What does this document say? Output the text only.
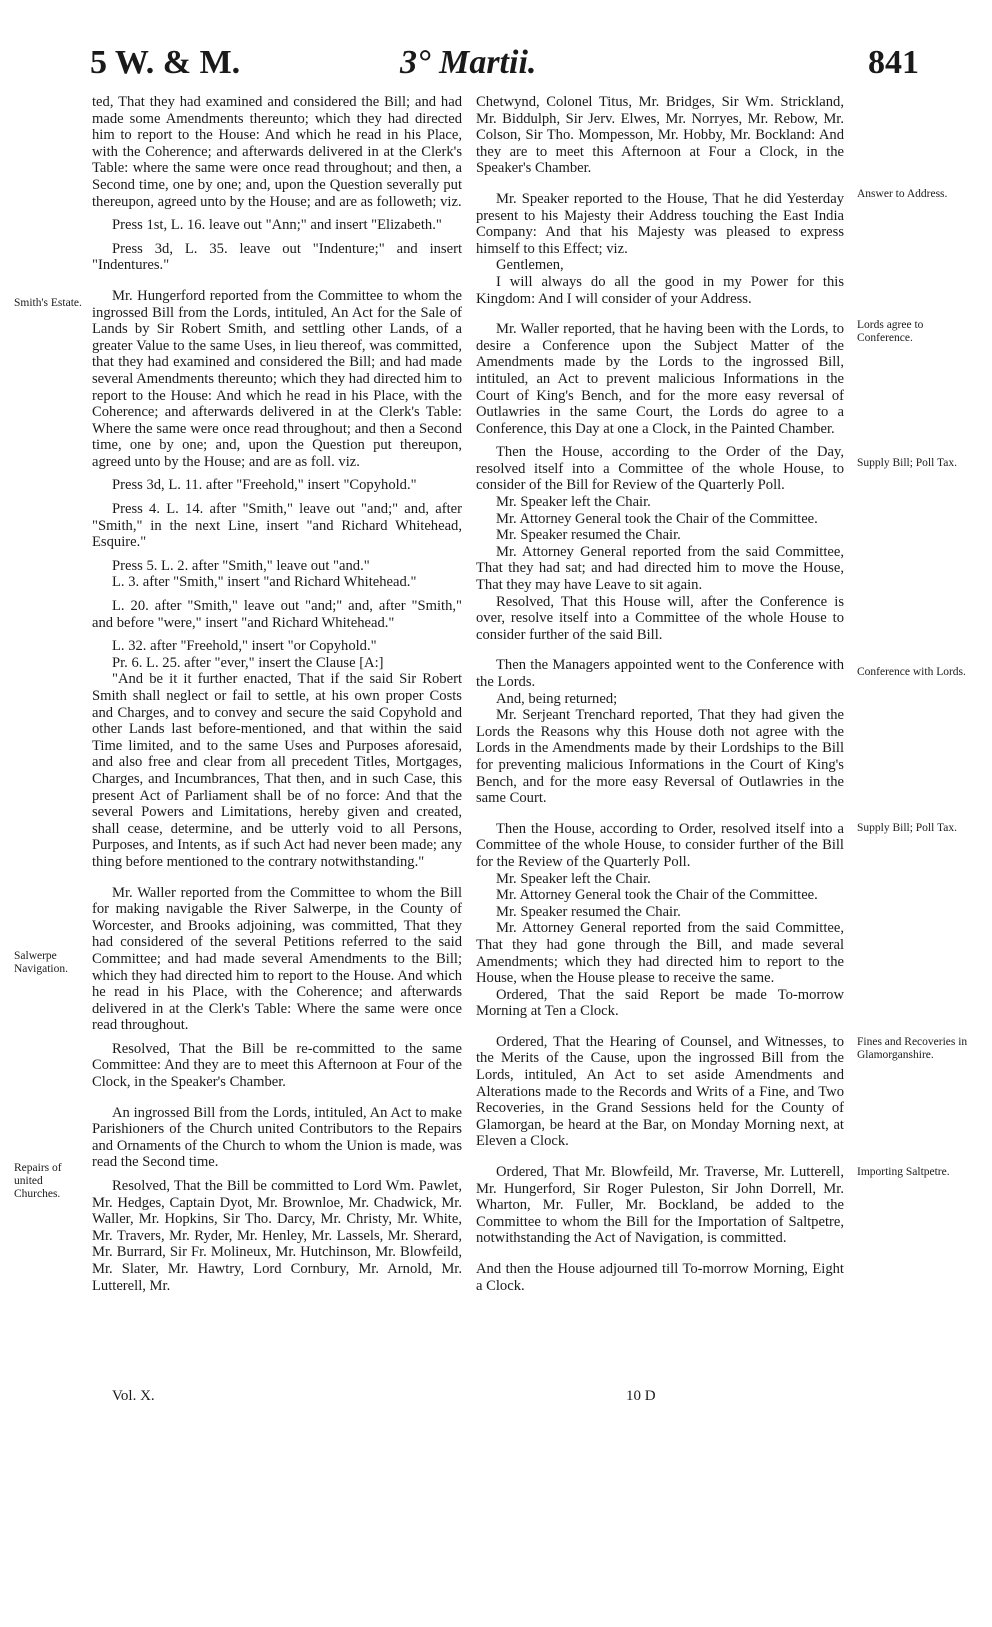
5 W. & M.	3° Martii.	841

ted, That they had examined and considered the Bill; and had made some Amendments thereunto; which they had directed him to report to the House: And which he read in his Place, with the Coherence; and afterwards delivered in at the Clerk's Table: where the same were once read throughout; and then, a Second time, one by one; and, upon the Question severally put thereupon, agreed unto by the House; and are as followeth; viz.

Press 1st, L. 16. leave out "Ann;" and insert "Elizabeth."

Press 3d, L. 35. leave out "Indenture;" and insert "Indentures."

Mr. Hungerford reported from the Committee to whom the ingrossed Bill from the Lords, intituled, An Act for the Sale of Lands by Sir Robert Smith, and settling other Lands, of a greater Value to the same Uses, in lieu thereof, was committed, that they had examined and considered the Bill; and had made several Amendments thereunto; which they had directed him to report to the House: And which he read in his Place, with the Coherence; and afterwards delivered in at the Clerk's Table: Where the same were once read throughout; and then a Second time, one by one; and, upon the Question put thereupon, agreed unto by the House; and are as foll. viz.

Press 3d, L. 11. after "Freehold," insert "Copyhold."

Press 4. L. 14. after "Smith," leave out "and;" and, after "Smith," in the next Line, insert "and Richard Whitehead, Esquire."

Press 5. L. 2. after "Smith," leave out "and."

L. 3. after "Smith," insert "and Richard Whitehead."

L. 20. after "Smith," leave out "and;" and, after "Smith," and before "were," insert "and Richard Whitehead."

L. 32. after "Freehold," insert "or Copyhold."

Pr. 6. L. 25. after "ever," insert the Clause [A:]

"And be it it further enacted, That if the said Sir Robert Smith shall neglect or fail to settle, at his own proper Costs and Charges, and to convey and secure the said Copyhold and other Lands last before-mentioned, and that within the said Time limited, and to the same Uses and Purposes aforesaid, and also free and clear from all precedent Titles, Mortgages, Charges, and Incumbrances, That then, and in such Case, this present Act of Parliament shall be of no force: And that the several Powers and Limitations, hereby given and created, shall cease, determine, and be utterly void to all Persons, Purposes, and Intents, as if such Act had never been made; any thing before mentioned to the contrary notwithstanding."

Mr. Waller reported from the Committee to whom the Bill for making navigable the River Salwerpe, in the County of Worcester, and Brooks adjoining, was committed, That they had considered of the several Petitions referred to the said Committee; and had made several Amendments to the Bill; which they had directed him to report to the House. And which he read in his Place, with the Coherence; and afterwards delivered in at the Clerk's Table: Where the same were once read throughout.

Resolved, That the Bill be re-committed to the same Committee: And they are to meet this Afternoon at Four of the Clock, in the Speaker's Chamber.

An ingrossed Bill from the Lords, intituled, An Act to make Parishioners of the Church united Contributors to the Repairs and Ornaments of the Church to whom the Union is made, was read the Second time.

Resolved, That the Bill be committed to Lord Wm. Pawlet, Mr. Hedges, Captain Dyot, Mr. Brownloe, Mr. Chadwick, Mr. Waller, Mr. Hopkins, Sir Tho. Darcy, Mr. Christy, Mr. White, Mr. Travers, Mr. Ryder, Mr. Henley, Mr. Lassels, Mr. Sherard, Mr. Burrard, Sir Fr. Molineux, Mr. Hutchinson, Mr. Blowfeild, Mr. Slater, Mr. Hawtry, Lord Cornbury, Mr. Arnold, Mr. Lutterell, Mr.

Chetwynd, Colonel Titus, Mr. Bridges, Sir Wm. Strickland, Mr. Biddulph, Sir Jerv. Elwes, Mr. Norryes, Mr. Rebow, Mr. Colson, Sir Tho. Mompesson, Mr. Hobby, Mr. Bockland: And they are to meet this Afternoon at Four a Clock, in the Speaker's Chamber.

Mr. Speaker reported to the House, That he did Yesterday present to his Majesty their Address touching the East India Company: And that his Majesty was pleased to express himself to this Effect; viz.

Gentlemen,

I will always do all the good in my Power for this Kingdom: And I will consider of your Address.

Mr. Waller reported, that he having been with the Lords, to desire a Conference upon the Subject Matter of the Amendments made by the Lords to the ingrossed Bill, intituled, an Act to prevent malicious Informations in the Court of King's Bench, and for the more easy reversal of Outlawries in the same Court, the Lords do agree to a Conference, this Day at one a Clock, in the Painted Chamber.

Then the House, according to the Order of the Day, resolved itself into a Committee of the whole House, to consider of the Bill for Review of the Quarterly Poll.

Mr. Speaker left the Chair.

Mr. Attorney General took the Chair of the Committee.

Mr. Speaker resumed the Chair.

Mr. Attorney General reported from the said Committee, That they had sat; and had directed him to move the House, That they may have Leave to sit again.

Resolved, That this House will, after the Conference is over, resolve itself into a Committee of the whole House to consider further of the said Bill.

Then the Managers appointed went to the Conference with the Lords.

And, being returned;

Mr. Serjeant Trenchard reported, That they had given the Lords the Reasons why this House doth not agree with the Lords in the Amendments made by their Lordships to the Bill for preventing malicious Informations in the Court of King's Bench, and for the more easy Reversal of Outlawries in the same Court.

Then the House, according to Order, resolved itself into a Committee of the whole House, to consider further of the Bill for the Review of the Quarterly Poll.

Mr. Speaker left the Chair.

Mr. Attorney General took the Chair of the Committee.

Mr. Speaker resumed the Chair.

Mr. Attorney General reported from the said Committee, That they had gone through the Bill, and made several Amendments; which they had directed him to report to the House, when the House please to receive the same.

Ordered, That the said Report be made To-morrow Morning at Ten a Clock.

Ordered, That the Hearing of Counsel, and Witnesses, to the Merits of the Cause, upon the ingrossed Bill from the Lords, intituled, An Act to set aside Amendments and Alterations made to the Records and Writs of a Fine, and Two Recoveries, in the Grand Sessions held for the County of Glamorgan, be heard at the Bar, on Monday Morning next, at Eleven a Clock.

Ordered, That Mr. Blowfeild, Mr. Traverse, Mr. Lutterell, Mr. Hungerford, Sir Roger Puleston, Sir John Dorrell, Mr. Wharton, Mr. Fuller, Mr. Bockland, be added to the Committee to whom the Bill for the Importation of Saltpetre, notwithstanding the Act of Navigation, is committed.

And then the House adjourned till To-morrow Morning, Eight a Clock.

Smith's Estate.
Salwerpe Navigation.
Repairs of united Churches.
Answer to Address.
Lords agree to Conference.
Supply Bill; Poll Tax.
Conference with Lords.
Supply Bill; Poll Tax.
Fines and Recoveries in Glamorganshire.
Importing Saltpetre.
Vol. X.	10 D
